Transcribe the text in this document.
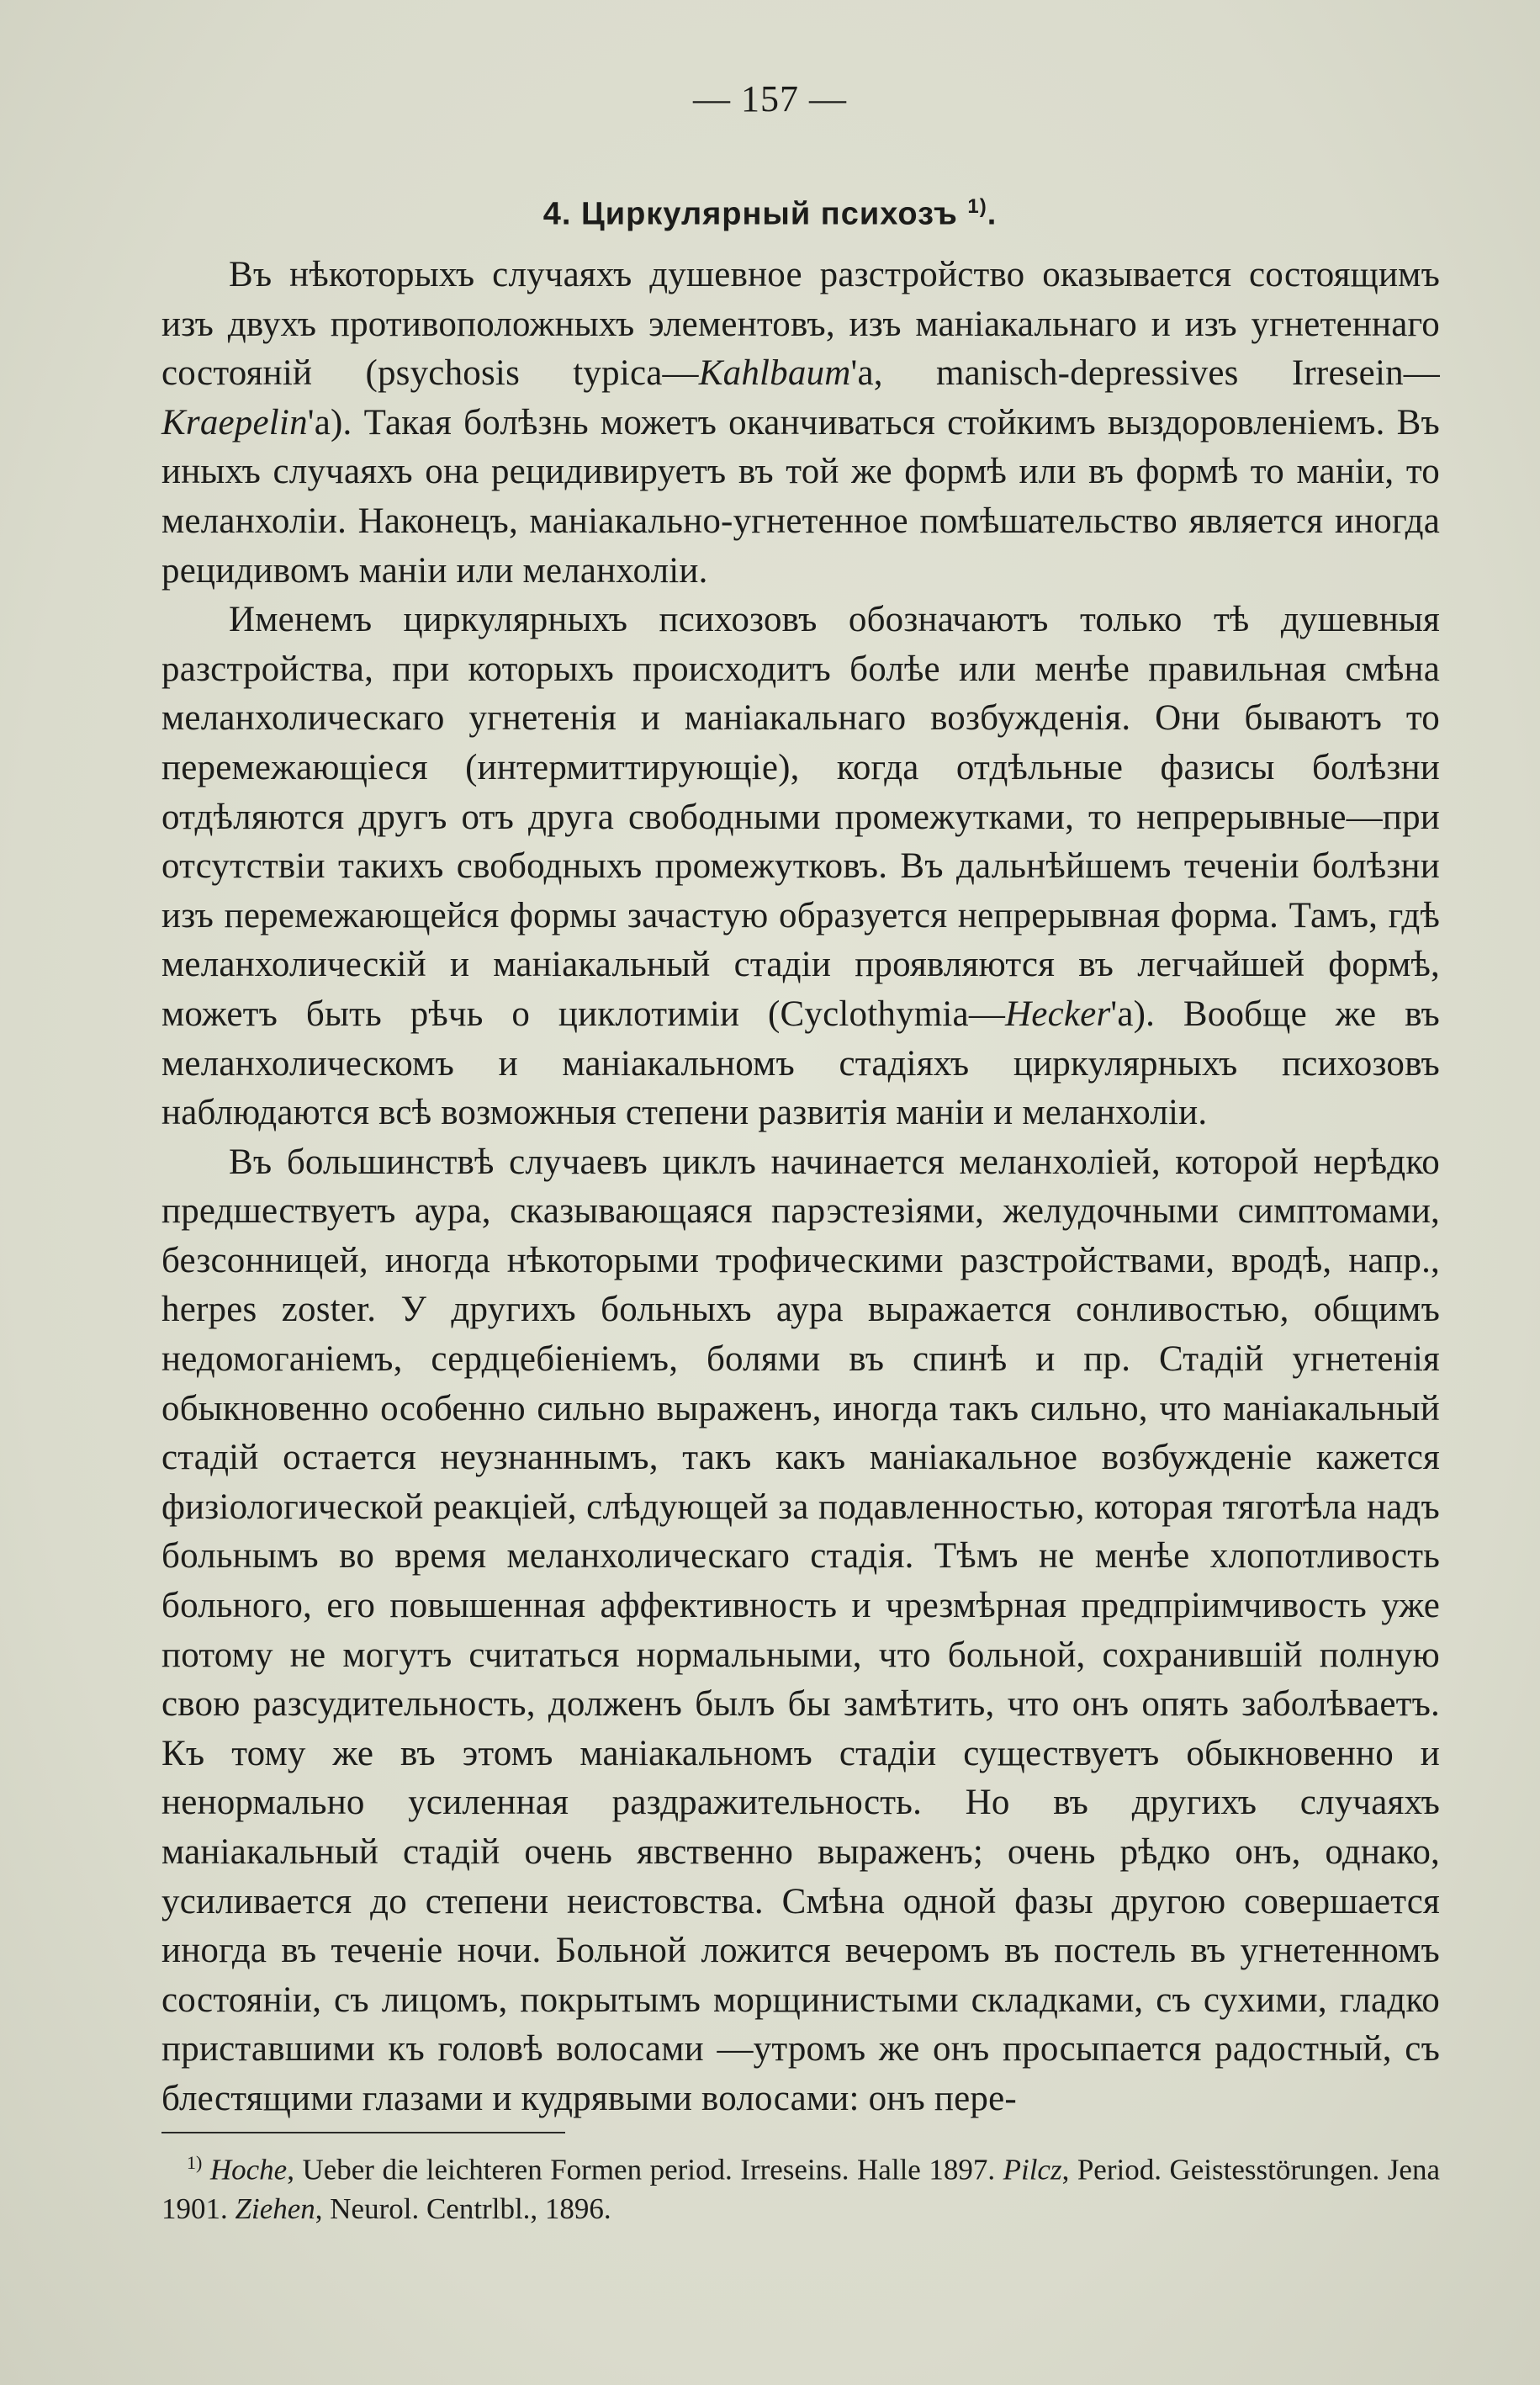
— 157 —
4. Циркулярный психозъ $^{1)}$.

Въ нѣкоторыхъ случаяхъ душевное разстройство оказывается состоящимъ изъ двухъ противоположныхъ элементовъ, изъ маніакальнаго и изъ угнетеннаго состояній (psychosis typica—Kahlbaum'а, manisch-depressives Irresein—Kraepelin'а). Такая болѣзнь можетъ оканчиваться стойкимъ выздоровленіемъ. Въ иныхъ случаяхъ она рецидивируетъ въ той же формѣ или въ формѣ то маніи, то меланхоліи. Наконецъ, маніакально-угнетенное помѣшательство является иногда рецидивомъ маніи или меланхоліи.

Именемъ циркулярныхъ психозовъ обозначаютъ только тѣ душевныя разстройства, при которыхъ происходитъ болѣе или менѣе правильная смѣна меланхолическаго угнетенія и маніакальнаго возбужденія. Они бываютъ то перемежающіеся (интермиттирующіе), когда отдѣльные фазисы болѣзни отдѣляются другъ отъ друга свободными промежутками, то непрерывные—при отсутствіи такихъ свободныхъ промежутковъ. Въ дальнѣйшемъ теченіи болѣзни изъ перемежающейся формы зачастую образуется непрерывная форма. Тамъ, гдѣ меланхолическій и маніакальный стадіи проявляются въ легчайшей формѣ, можетъ быть рѣчь о циклотиміи (Cyclothymia—Hecker'а). Вообще же въ меланхолическомъ и маніакальномъ стадіяхъ циркулярныхъ психозовъ наблюдаются всѣ возможныя степени развитія маніи и меланхоліи.

Въ большинствѣ случаевъ циклъ начинается меланхоліей, которой нерѣдко предшествуетъ аура, сказывающаяся парэстезіями, желудочными симптомами, безсонницей, иногда нѣкоторыми трофическими разстройствами, вродѣ, напр., herpes zoster. У другихъ больныхъ аура выражается сонливостью, общимъ недомоганіемъ, сердцебіеніемъ, болями въ спинѣ и пр. Стадій угнетенія обыкновенно особенно сильно выраженъ, иногда такъ сильно, что маніакальный стадій остается неузнаннымъ, такъ какъ маніакальное возбужденіе кажется физіологической реакціей, слѣдующей за подавленностью, которая тяготѣла надъ больнымъ во время меланхолическаго стадія. Тѣмъ не менѣе хлопотливость больного, его повышенная аффективность и чрезмѣрная предпріимчивость уже потому не могутъ считаться нормальными, что больной, сохранившій полную свою разсудительность, долженъ былъ бы замѣтить, что онъ опять заболѣваетъ. Къ тому же въ этомъ маніакальномъ стадіи существуетъ обыкновенно и ненормально усиленная раздражительность. Но въ другихъ случаяхъ маніакальный стадій очень явственно выраженъ; очень рѣдко онъ, однако, усиливается до степени неистовства. Смѣна одной фазы другою совершается иногда въ теченіе ночи. Больной ложится вечеромъ въ постель въ угнетенномъ состояніи, съ лицомъ, покрытымъ морщинистыми складками, съ сухими, гладко приставшими къ головѣ волосами —утромъ же онъ просыпается радостный, съ блестящими глазами и кудрявыми волосами: онъ пере-

$^{1)}$ Hoche, Ueber die leichteren Formen period. Irreseins. Halle 1897. Pilcz, Period. Geistesstörungen. Jena 1901. Ziehen, Neurol. Centrlbl., 1896.
